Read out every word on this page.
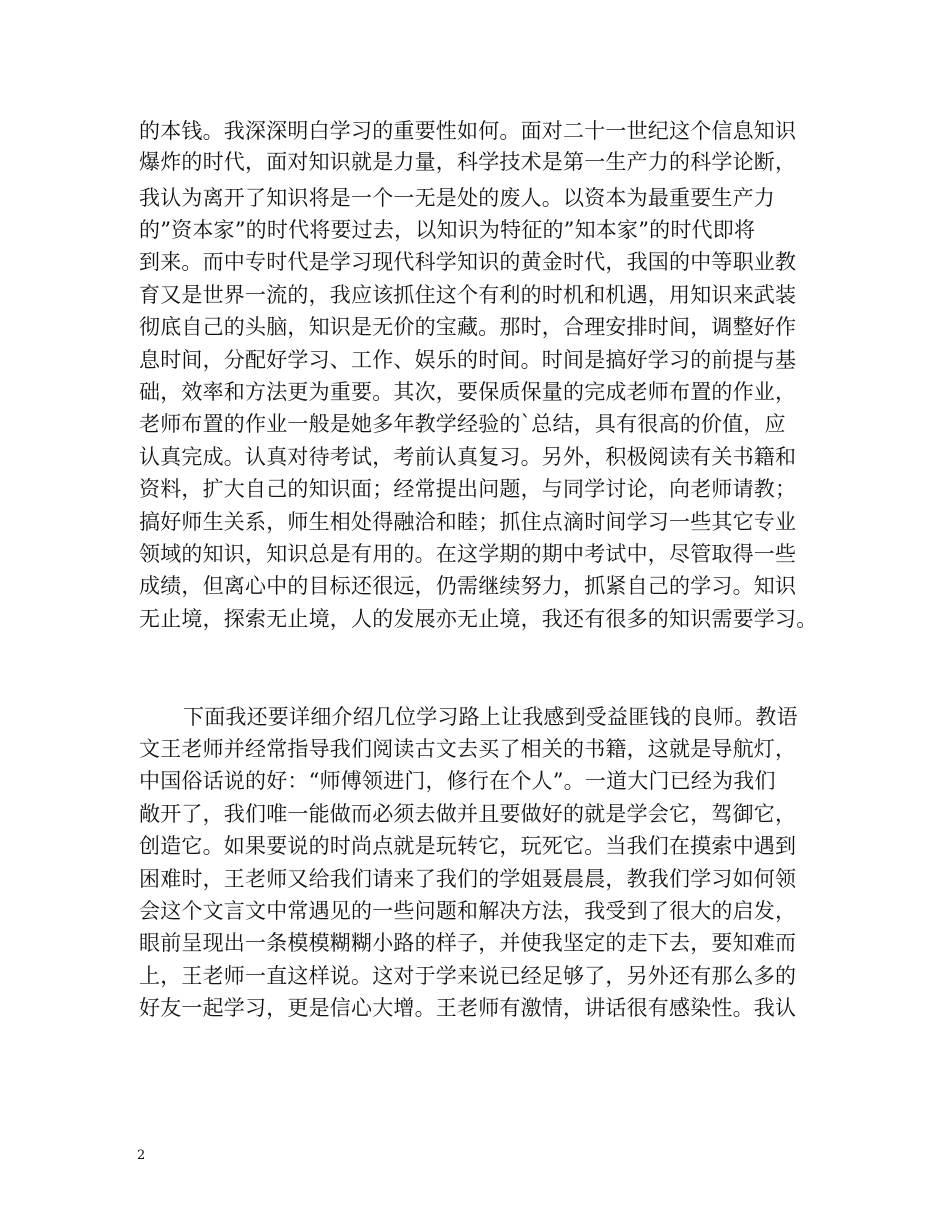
的本钱。我深深明白学习的重要性如何。面对二十一世纪这个信息知识
爆炸的时代，面对知识就是力量，科学技术是第一生产力的科学论断，
我认为离开了知识将是一个一无是处的废人。以资本为最重要生产力
的”资本家”的时代将要过去，以知识为特征的”知本家”的时代即将
到来。而中专时代是学习现代科学知识的黄金时代，我国的中等职业教
育又是世界一流的，我应该抓住这个有利的时机和机遇，用知识来武装
彻底自己的头脑，知识是无价的宝藏。那时，合理安排时间，调整好作
息时间，分配好学习、工作、娱乐的时间。时间是搞好学习的前提与基
础，效率和方法更为重要。其次，要保质保量的完成老师布置的作业，
老师布置的作业一般是她多年教学经验的`总结，具有很高的价值，应
认真完成。认真对待考试，考前认真复习。另外，积极阅读有关书籍和
资料，扩大自己的知识面；经常提出问题，与同学讨论，向老师请教；
搞好师生关系，师生相处得融洽和睦；抓住点滴时间学习一些其它专业
领域的知识，知识总是有用的。在这学期的期中考试中，尽管取得一些
成绩，但离心中的目标还很远，仍需继续努力，抓紧自己的学习。知识
无止境，探索无止境，人的发展亦无止境，我还有很多的知识需要学习。
下面我还要详细介绍几位学习路上让我感到受益匪钱的良师。教语
文王老师并经常指导我们阅读古文去买了相关的书籍，这就是导航灯，
中国俗话说的好：“师傅领进门，修行在个人”。一道大门已经为我们
敞开了，我们唯一能做而必须去做并且要做好的就是学会它，驾御它，
创造它。如果要说的时尚点就是玩转它，玩死它。当我们在摸索中遇到
困难时，王老师又给我们请来了我们的学姐聂晨晨，教我们学习如何领
会这个文言文中常遇见的一些问题和解决方法，我受到了很大的启发，
眼前呈现出一条模模糊糊小路的样子，并使我坚定的走下去，要知难而
上，王老师一直这样说。这对于学来说已经足够了，另外还有那么多的
好友一起学习，更是信心大增。王老师有激情，讲话很有感染性。我认
2
